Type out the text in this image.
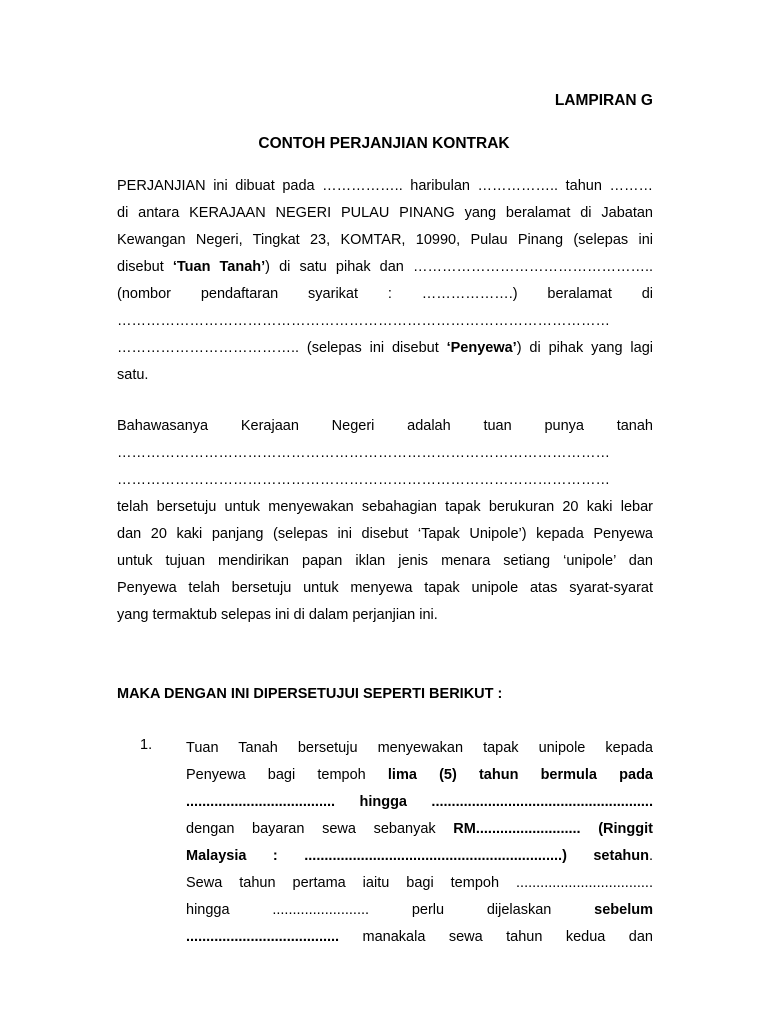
LAMPIRAN G
CONTOH PERJANJIAN KONTRAK
PERJANJIAN ini dibuat pada …………….. haribulan …………….. tahun ………
di antara KERAJAAN NEGERI PULAU PINANG yang beralamat di Jabatan
Kewangan Negeri, Tingkat 23, KOMTAR, 10990, Pulau Pinang (selepas ini
disebut ‘Tuan Tanah’) di satu pihak dan …………………………………………..
(nombor pendaftaran syarikat : ……………….) beralamat di
…………………………………………………………………………………………
……………………………….. (selepas ini disebut ‘Penyewa’) di pihak yang lagi
satu.
Bahawasanya Kerajaan Negeri adalah tuan punya tanah
…………………………………………………………………………………………
…………………………………………………………………………………………
telah bersetuju untuk menyewakan sebahagian tapak berukuran 20 kaki lebar
dan 20 kaki panjang (selepas ini disebut ‘Tapak Unipole’) kepada Penyewa
untuk tujuan mendirikan papan iklan jenis menara setiang ‘unipole’ dan
Penyewa telah bersetuju untuk menyewa tapak unipole atas syarat-syarat
yang termaktub selepas ini di dalam perjanjian ini.
MAKA DENGAN INI DIPERSETUJUI SEPERTI BERIKUT :
1. Tuan Tanah bersetuju menyewakan tapak unipole kepada
Penyewa bagi tempoh lima (5) tahun bermula pada
..................................... hingga .......................................................
dengan bayaran sewa sebanyak RM.......................... (Ringgit
Malaysia : ................................................................) setahun.
Sewa tahun pertama iaitu bagi tempoh ..................................
hingga ........................ perlu dijelaskan sebelum
...................................... manakala sewa tahun kedua dan
